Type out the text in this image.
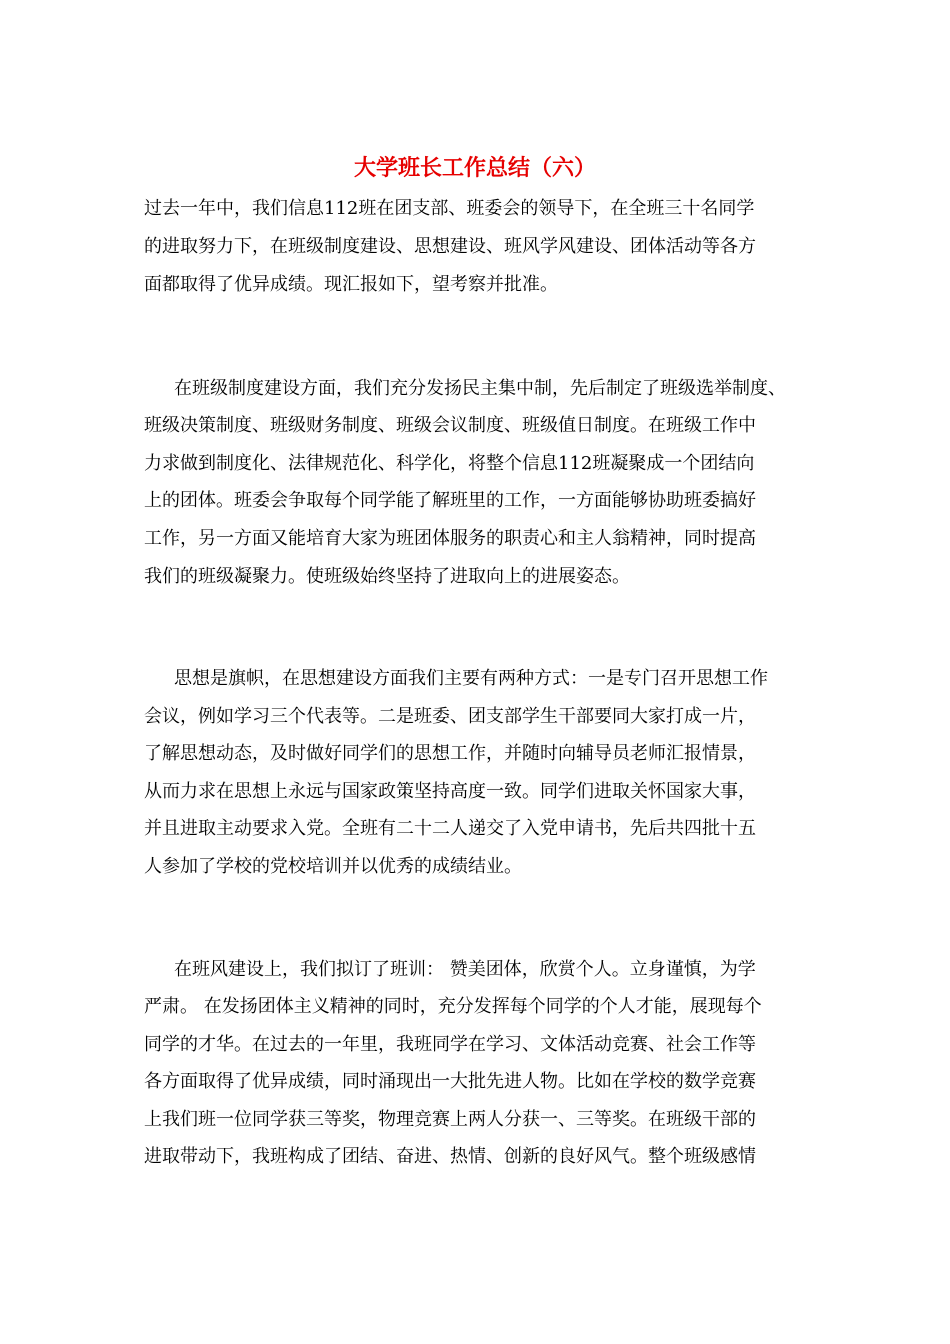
大学班长工作总结（六）
过去一年中，我们信息112班在团支部、班委会的领导下，在全班三十名同学
的进取努力下，在班级制度建设、思想建设、班风学风建设、团体活动等各方
面都取得了优异成绩。现汇报如下，望考察并批准。
在班级制度建设方面，我们充分发扬民主集中制，先后制定了班级选举制度、
班级决策制度、班级财务制度、班级会议制度、班级值日制度。在班级工作中
力求做到制度化、法律规范化、科学化，将整个信息112班凝聚成一个团结向
上的团体。班委会争取每个同学能了解班里的工作，一方面能够协助班委搞好
工作，另一方面又能培育大家为班团体服务的职责心和主人翁精神，同时提高
我们的班级凝聚力。使班级始终坚持了进取向上的进展姿态。
思想是旗帜，在思想建设方面我们主要有两种方式：一是专门召开思想工作
会议，例如学习三个代表等。二是班委、团支部学生干部要同大家打成一片，
了解思想动态，及时做好同学们的思想工作，并随时向辅导员老师汇报情景，
从而力求在思想上永远与国家政策坚持高度一致。同学们进取关怀国家大事，
并且进取主动要求入党。全班有二十二人递交了入党申请书，先后共四批十五
人参加了学校的党校培训并以优秀的成绩结业。
在班风建设上，我们拟订了班训： 赞美团体，欣赏个人。立身谨慎，为学
严肃。 在发扬团体主义精神的同时，充分发挥每个同学的个人才能，展现每个
同学的才华。在过去的一年里，我班同学在学习、文体活动竞赛、社会工作等
各方面取得了优异成绩，同时涌现出一大批先进人物。比如在学校的数学竞赛
上我们班一位同学获三等奖，物理竞赛上两人分获一、三等奖。在班级干部的
进取带动下，我班构成了团结、奋进、热情、创新的良好风气。整个班级感情
